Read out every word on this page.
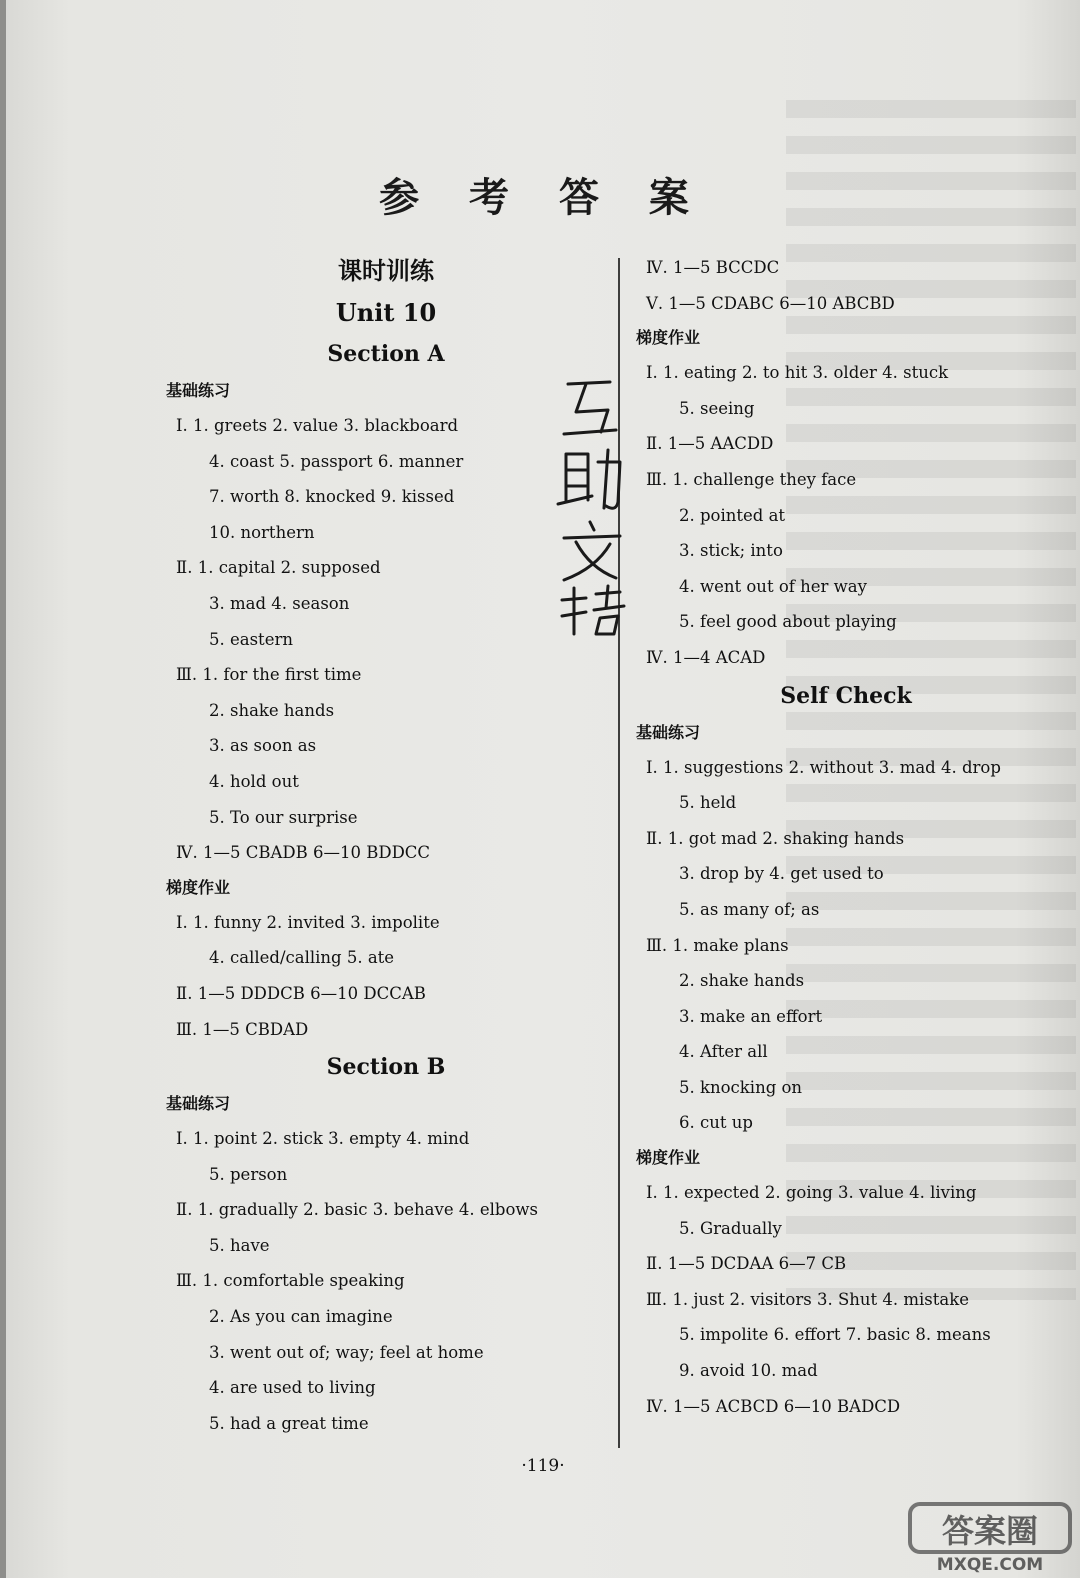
参 考 答 案
课时训练
Unit 10
Section A
基础练习
Ⅰ. 1. greets 2. value 3. blackboard
4. coast 5. passport 6. manner
7. worth 8. knocked 9. kissed
10. northern
Ⅱ. 1. capital 2. supposed
3. mad 4. season
5. eastern
Ⅲ. 1. for the first time
2. shake hands
3. as soon as
4. hold out
5. To our surprise
Ⅳ. 1—5 CBADB 6—10 BDDCC
梯度作业
Ⅰ. 1. funny 2. invited 3. impolite
4. called/calling 5. ate
Ⅱ. 1—5 DDDCB 6—10 DCCAB
Ⅲ. 1—5 CBDAD
Section B
基础练习
Ⅰ. 1. point 2. stick 3. empty 4. mind
5. person
Ⅱ. 1. gradually 2. basic 3. behave 4. elbows
5. have
Ⅲ. 1. comfortable speaking
2. As you can imagine
3. went out of; way; feel at home
4. are used to living
5. had a great time
Ⅳ. 1—5 BCCDC
Ⅴ. 1—5 CDABC 6—10 ABCBD
梯度作业
Ⅰ. 1. eating 2. to hit 3. older 4. stuck
5. seeing
Ⅱ. 1—5 AACDD
Ⅲ. 1. challenge they face
2. pointed at
3. stick; into
4. went out of her way
5. feel good about playing
Ⅳ. 1—4 ACAD
Self Check
基础练习
Ⅰ. 1. suggestions 2. without 3. mad 4. drop
5. held
Ⅱ. 1. got mad 2. shaking hands
3. drop by 4. get used to
5. as many of; as
Ⅲ. 1. make plans
2. shake hands
3. make an effort
4. After all
5. knocking on
6. cut up
梯度作业
Ⅰ. 1. expected 2. going 3. value 4. living
5. Gradually
Ⅱ. 1—5 DCDAA 6—7 CB
Ⅲ. 1. just 2. visitors 3. Shut 4. mistake
5. impolite 6. effort 7. basic 8. means
9. avoid 10. mad
Ⅳ. 1—5 ACBCD 6—10 BADCD
·119·
答案圈
MXQE.COM
